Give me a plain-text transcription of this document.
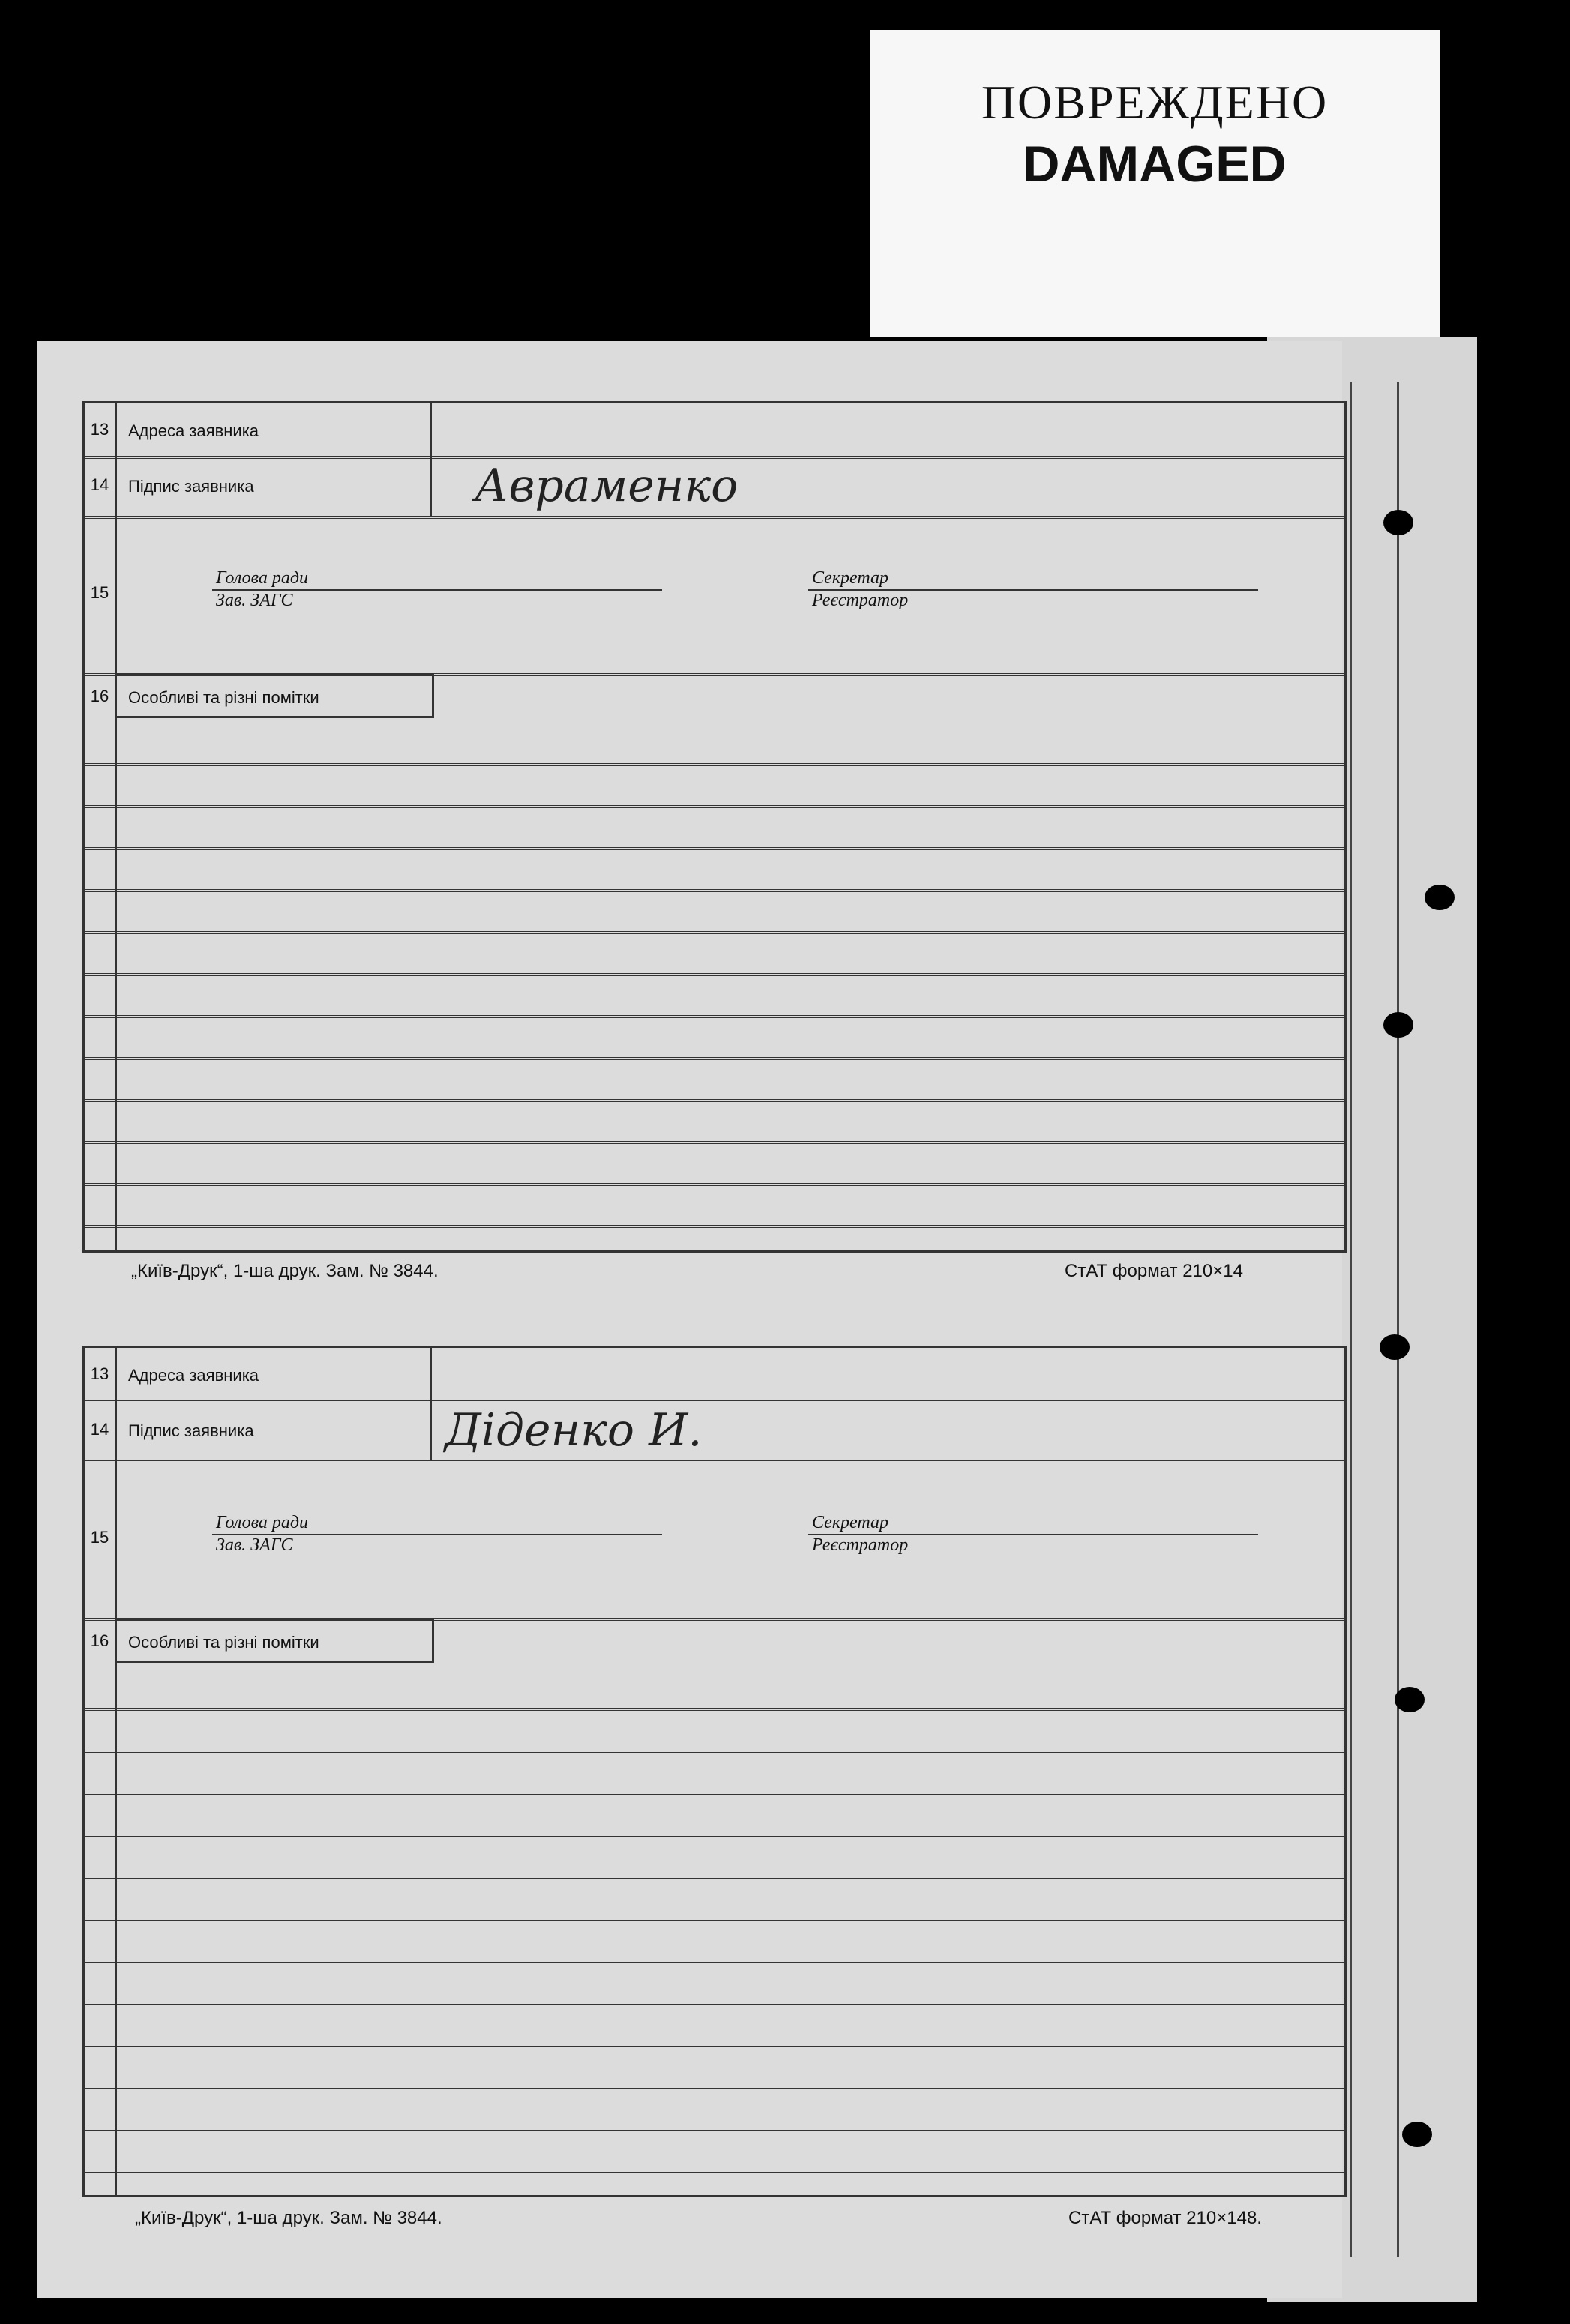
ПОВРЕЖДЕНО
DAMAGED
13	Адреса заявника
14	Підпис заявника	Авраменко
15
Голова ради
Зав. ЗАГС
Секретар
Реєстратор
16	Особливі та різні помітки
„Київ-Друк“, 1-ша друк. Зам. № 3844.	СтАТ формат 210×14
13	Адреса заявника
14	Підпис заявника	Діденко И.
15
Голова ради
Зав. ЗАГС
Секретар
Реєстратор
16	Особливі та різні помітки
„Київ-Друк“, 1-ша друк. Зам. № 3844.	СтАТ формат 210×148.
